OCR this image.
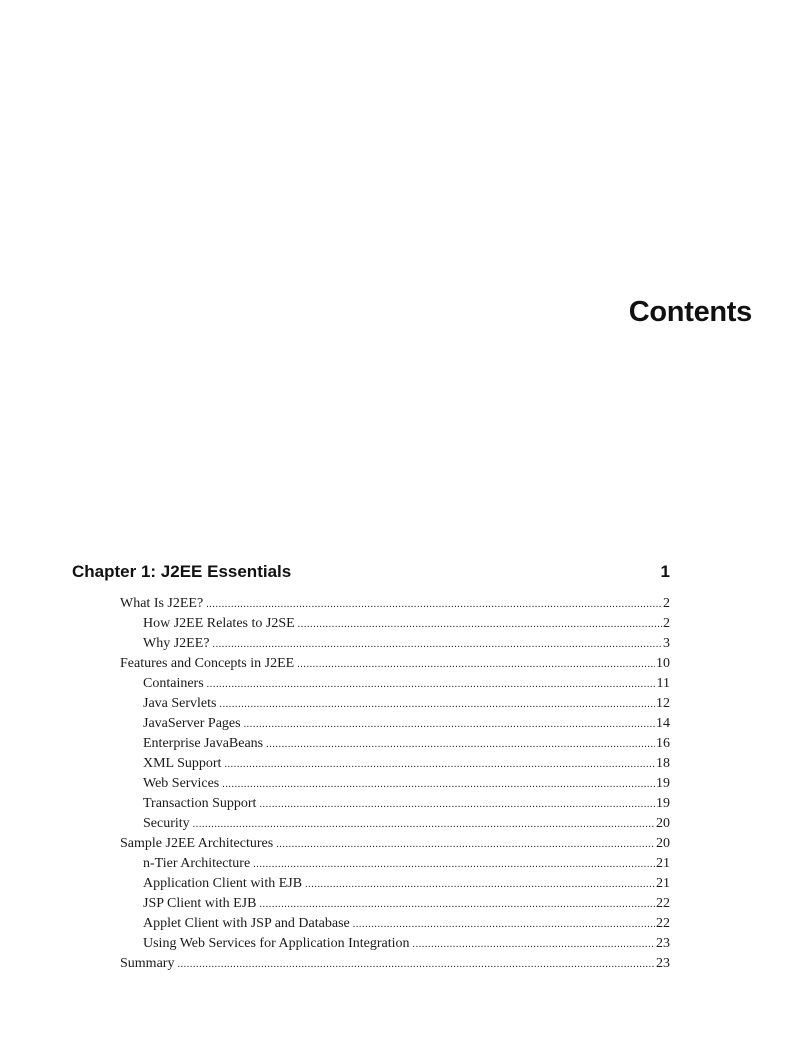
Contents
Chapter 1: J2EE Essentials	1
What Is J2EE? .....	2
How J2EE Relates to J2SE .....	2
Why J2EE? .....	3
Features and Concepts in J2EE .....	10
Containers .....	11
Java Servlets .....	12
JavaServer Pages .....	14
Enterprise JavaBeans .....	16
XML Support .....	18
Web Services .....	19
Transaction Support .....	19
Security .....	20
Sample J2EE Architectures .....	20
n-Tier Architecture .....	21
Application Client with EJB .....	21
JSP Client with EJB .....	22
Applet Client with JSP and Database .....	22
Using Web Services for Application Integration .....	23
Summary .....	23
